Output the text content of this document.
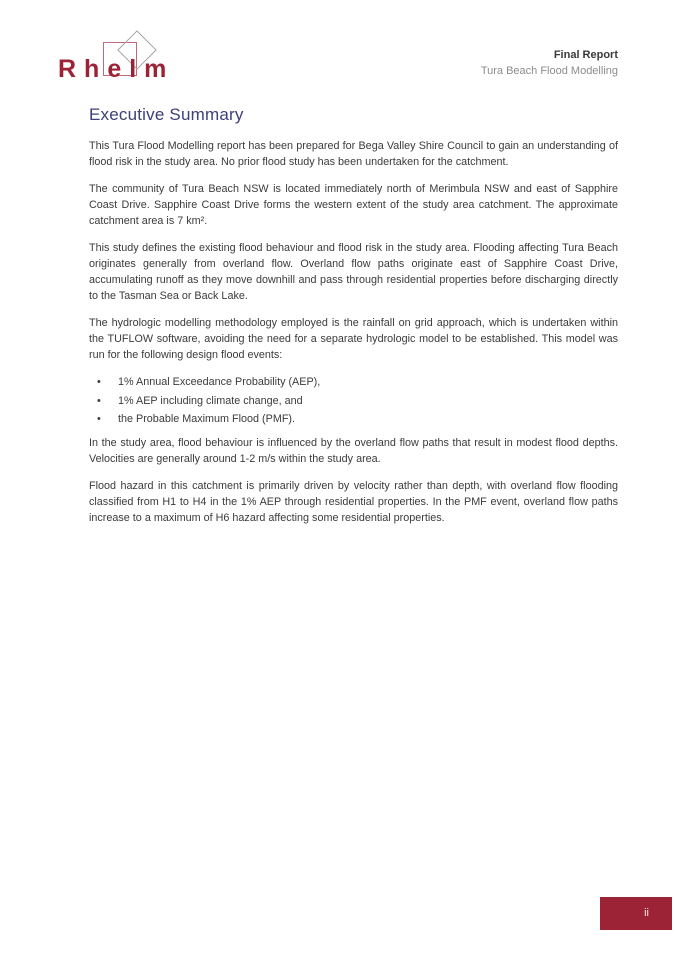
Rhelm	Final Report
Tura Beach Flood Modelling
Executive Summary

This Tura Flood Modelling report has been prepared for Bega Valley Shire Council to gain an understanding of flood risk in the study area. No prior flood study has been undertaken for the catchment.

The community of Tura Beach NSW is located immediately north of Merimbula NSW and east of Sapphire Coast Drive. Sapphire Coast Drive forms the western extent of the study area catchment. The approximate catchment area is 7 km².

This study defines the existing flood behaviour and flood risk in the study area. Flooding affecting Tura Beach originates generally from overland flow. Overland flow paths originate east of Sapphire Coast Drive, accumulating runoff as they move downhill and pass through residential properties before discharging directly to the Tasman Sea or Back Lake.

The hydrologic modelling methodology employed is the rainfall on grid approach, which is undertaken within the TUFLOW software, avoiding the need for a separate hydrologic model to be established. This model was run for the following design flood events:

• 1% Annual Exceedance Probability (AEP),
• 1% AEP including climate change, and
• the Probable Maximum Flood (PMF).

In the study area, flood behaviour is influenced by the overland flow paths that result in modest flood depths. Velocities are generally around 1-2 m/s within the study area.

Flood hazard in this catchment is primarily driven by velocity rather than depth, with overland flow flooding classified from H1 to H4 in the 1% AEP through residential properties. In the PMF event, overland flow paths increase to a maximum of H6 hazard affecting some residential properties.

ii
